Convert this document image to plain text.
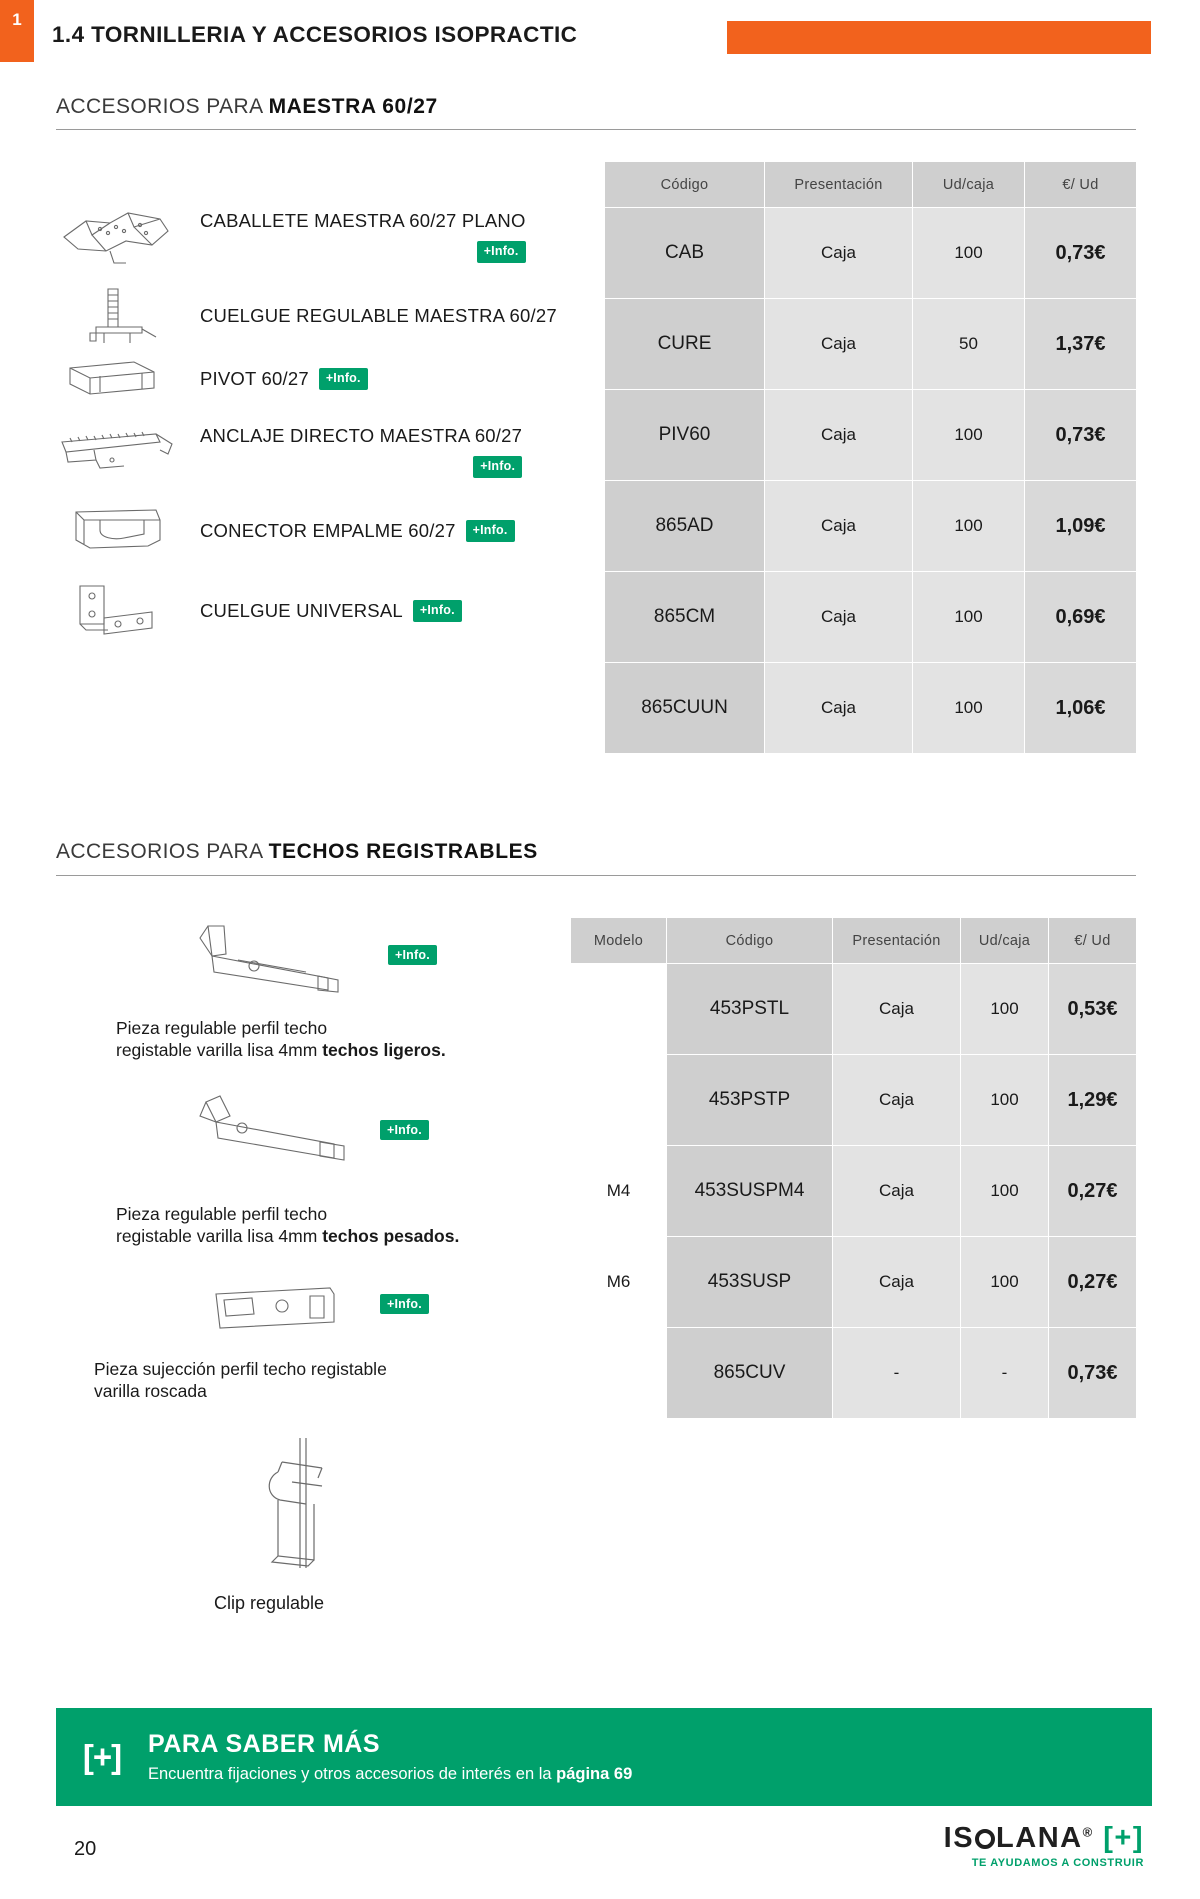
1
1.4 TORNILLERIA Y ACCESORIOS ISOPRACTIC
ACCESORIOS PARA MAESTRA 60/27
CABALLETE MAESTRA 60/27 PLANO
+Info.
CUELGUE REGULABLE MAESTRA 60/27
PIVOT 60/27	+Info.
ANCLAJE DIRECTO MAESTRA 60/27
+Info.
CONECTOR EMPALME 60/27	+Info.
CUELGUE UNIVERSAL	+Info.
Código	Presentación	Ud/caja	€/ Ud
CAB	Caja	100	0,73€
CURE	Caja	50	1,37€
PIV60	Caja	100	0,73€
865AD	Caja	100	1,09€
865CM	Caja	100	0,69€
865CUUN	Caja	100	1,06€
ACCESORIOS PARA TECHOS REGISTRABLES
+Info.
Pieza regulable perfil techo
registable varilla lisa 4mm techos ligeros.
+Info.
Pieza regulable perfil techo
registable varilla lisa 4mm techos pesados.
+Info.
Pieza sujección perfil techo registable
varilla roscada
Clip regulable
Modelo	Código	Presentación	Ud/caja	€/ Ud
	453PSTL	Caja	100	0,53€
	453PSTP	Caja	100	1,29€
M4	453SUSPM4	Caja	100	0,27€
M6	453SUSP	Caja	100	0,27€
	865CUV	-	-	0,73€
[+]	PARA SABER MÁS
Encuentra fijaciones y otros accesorios de interés en la página 69
20	IS LANA® [+]
TE AYUDAMOS A CONSTRUIR
